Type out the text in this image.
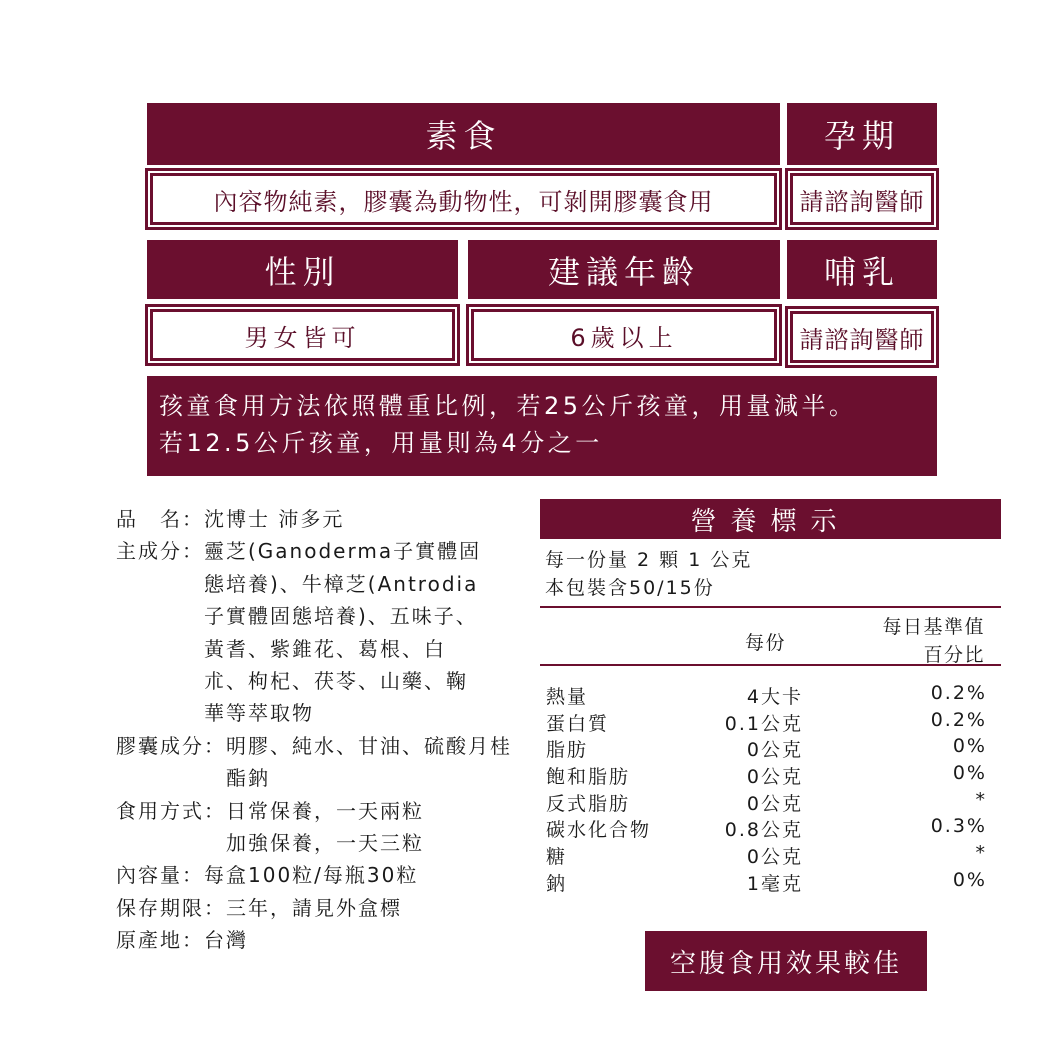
素食	孕期
內容物純素，膠囊為動物性，可剝開膠囊食用	請諮詢醫師
性別	建議年齡	哺乳
男女皆可	6歲以上	請諮詢醫師
孩童食用方法依照體重比例，若25公斤孩童，用量減半。
若12.5公斤孩童，用量則為4分之一
品　名： 沈博士 沛多元
主成分： 靈芝(Ganoderma子實體固態培養)、牛樟芝(Antrodia子實體固態培養)、五味子、黃耆、紫錐花、葛根、白朮、枸杞、茯苓、山藥、鞠華等萃取物
膠囊成分： 明膠、純水、甘油、硫酸月桂酯鈉
食用方式： 日常保養，一天兩粒
加強保養，一天三粒
內容量： 每盒100粒/每瓶30粒
保存期限： 三年，請見外盒標
原產地： 台灣
營養標示
每一份量 2 顆 1 公克
本包裝含50/15份
每份
每日基準值
百分比
熱量	4大卡	0.2%
蛋白質	0.1公克	0.2%
脂肪	0公克	0%
飽和脂肪	0公克	0%
反式脂肪	0公克	*
碳水化合物	0.8公克	0.3%
糖	0公克	*
鈉	1毫克	0%
空腹食用效果較佳
